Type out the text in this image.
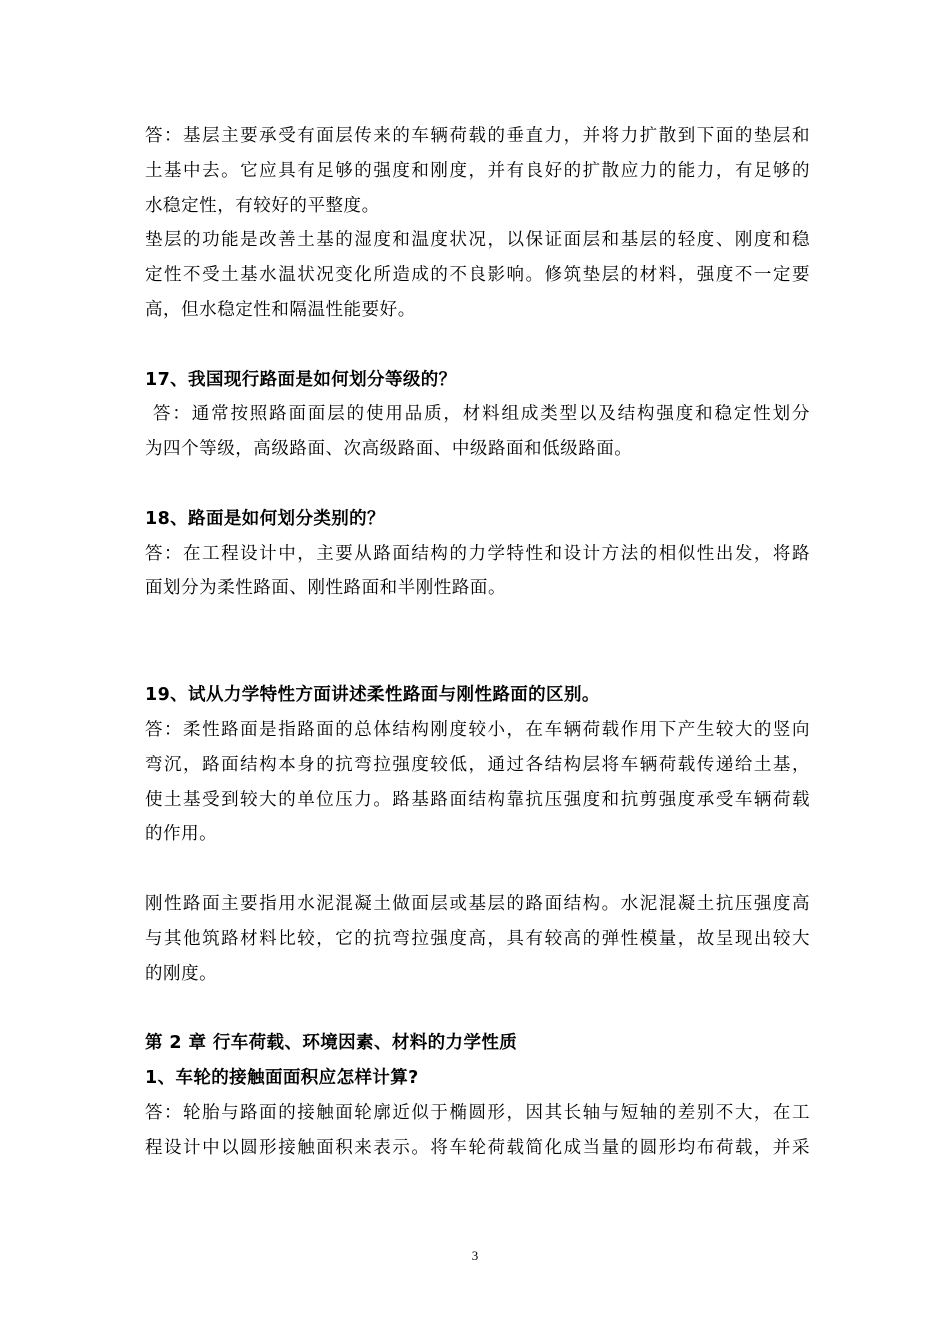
答：基层主要承受有面层传来的车辆荷载的垂直力，并将力扩散到下面的垫层和
土基中去。它应具有足够的强度和刚度，并有良好的扩散应力的能力，有足够的
水稳定性，有较好的平整度。
垫层的功能是改善土基的湿度和温度状况，以保证面层和基层的轻度、刚度和稳
定性不受土基水温状况变化所造成的不良影响。修筑垫层的材料，强度不一定要
高，但水稳定性和隔温性能要好。
17、我国现行路面是如何划分等级的？
答：通常按照路面面层的使用品质，材料组成类型以及结构强度和稳定性划分
为四个等级，高级路面、次高级路面、中级路面和低级路面。
18、路面是如何划分类别的？
答：在工程设计中，主要从路面结构的力学特性和设计方法的相似性出发，将路
面划分为柔性路面、刚性路面和半刚性路面。
19、试从力学特性方面讲述柔性路面与刚性路面的区别。
答：柔性路面是指路面的总体结构刚度较小，在车辆荷载作用下产生较大的竖向
弯沉，路面结构本身的抗弯拉强度较低，通过各结构层将车辆荷载传递给土基，
使土基受到较大的单位压力。路基路面结构靠抗压强度和抗剪强度承受车辆荷载
的作用。
刚性路面主要指用水泥混凝土做面层或基层的路面结构。水泥混凝土抗压强度高
与其他筑路材料比较，它的抗弯拉强度高，具有较高的弹性模量，故呈现出较大
的刚度。
第 2 章 行车荷载、环境因素、材料的力学性质
1、车轮的接触面面积应怎样计算?
答：轮胎与路面的接触面轮廓近似于椭圆形，因其长轴与短轴的差别不大，在工
程设计中以圆形接触面积来表示。将车轮荷载简化成当量的圆形均布荷载，并采
3
